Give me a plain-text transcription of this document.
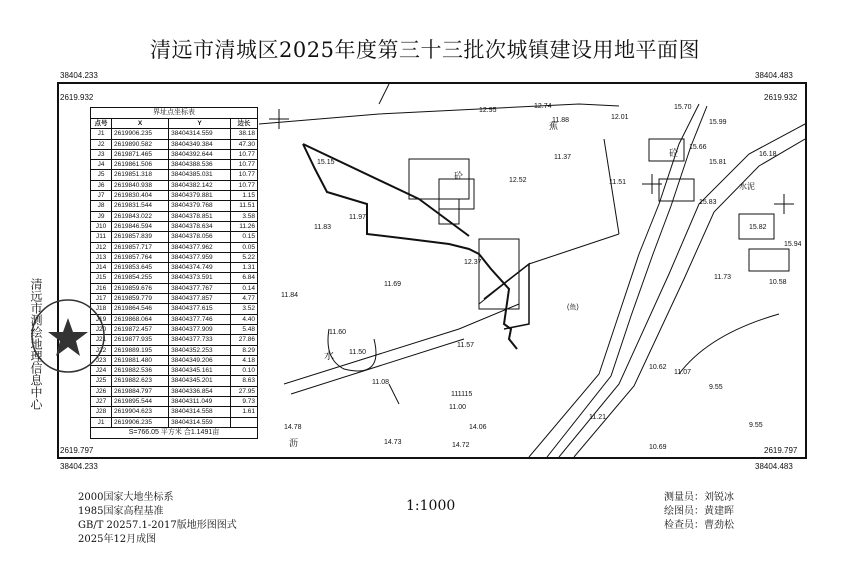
清远市清城区2025年度第三十三批次城镇建设用地平面图
38404.233
2619.932
38404.483
2619.932
2619.797
38404.233
2619.797
38404.483
15.15
11.97
11.83
11.84
11.69
11.60
11.50
11.08
11.00
11.57
12.37
12.52
11.37
11.88	12.01
12.74
12.95	15.70
15.99
16.18
15.66
15.81
15.83
15.82
15.94
10.58
11.73
11.51
11.21
11.07
9.55
9.55
10.69
14.78
14.73	14.72
14.06
10.62
(鱼)
水
111115
砼
砼
沥
水泥
蕉
界址点坐标表
点号	X	Y	边长
J1	2619906.235	38404314.559	38.18
J2	2619890.582	38404349.384	47.30
J3	2619871.465	38404392.644	10.77
J4	2619861.506	38404388.536	10.77
J5	2619851.318	38404385.031	10.77
J6	2619840.938	38404382.142	10.77
J7	2619830.404	38404379.881	1.15
J8	2619831.544	38404379.768	11.51
J9	2619843.022	38404378.851	3.58
J10	2619846.594	38404378.634	11.26
J11	2619857.839	38404378.056	0.15
J12	2619857.717	38404377.962	0.05
J13	2619857.764	38404377.959	5.22
J14	2619853.645	38404374.749	1.31
J15	2619854.255	38404373.591	6.84
J16	2619859.676	38404377.767	0.14
J17	2619859.779	38404377.857	4.77
J18	2619864.546	38404377.615	3.52
J19	2619868.064	38404377.746	4.40
J20	2619872.457	38404377.909	5.48
J21	2619877.935	38404377.733	27.86
J22	2619889.195	38404352.253	8.29
J23	2619881.480	38404349.206	4.18
J24	2619882.536	38404345.161	0.10
J25	2619882.623	38404345.201	8.63
J26	2619884.797	38404336.854	27.95
J27	2619895.544	38404311.049	9.73
J28	2619904.623	38404314.558	1.61
J1	2619906.235	38404314.559	
S=766.05 平方米 合1.1491亩
清远市测绘地理信息中心
2000国家大地坐标系
1985国家高程基准
GB/T 20257.1-2017版地形图图式
2025年12月成图
1:1000
测量员：刘锐冰
绘图员：黄建晖
检查员：曹劲松
